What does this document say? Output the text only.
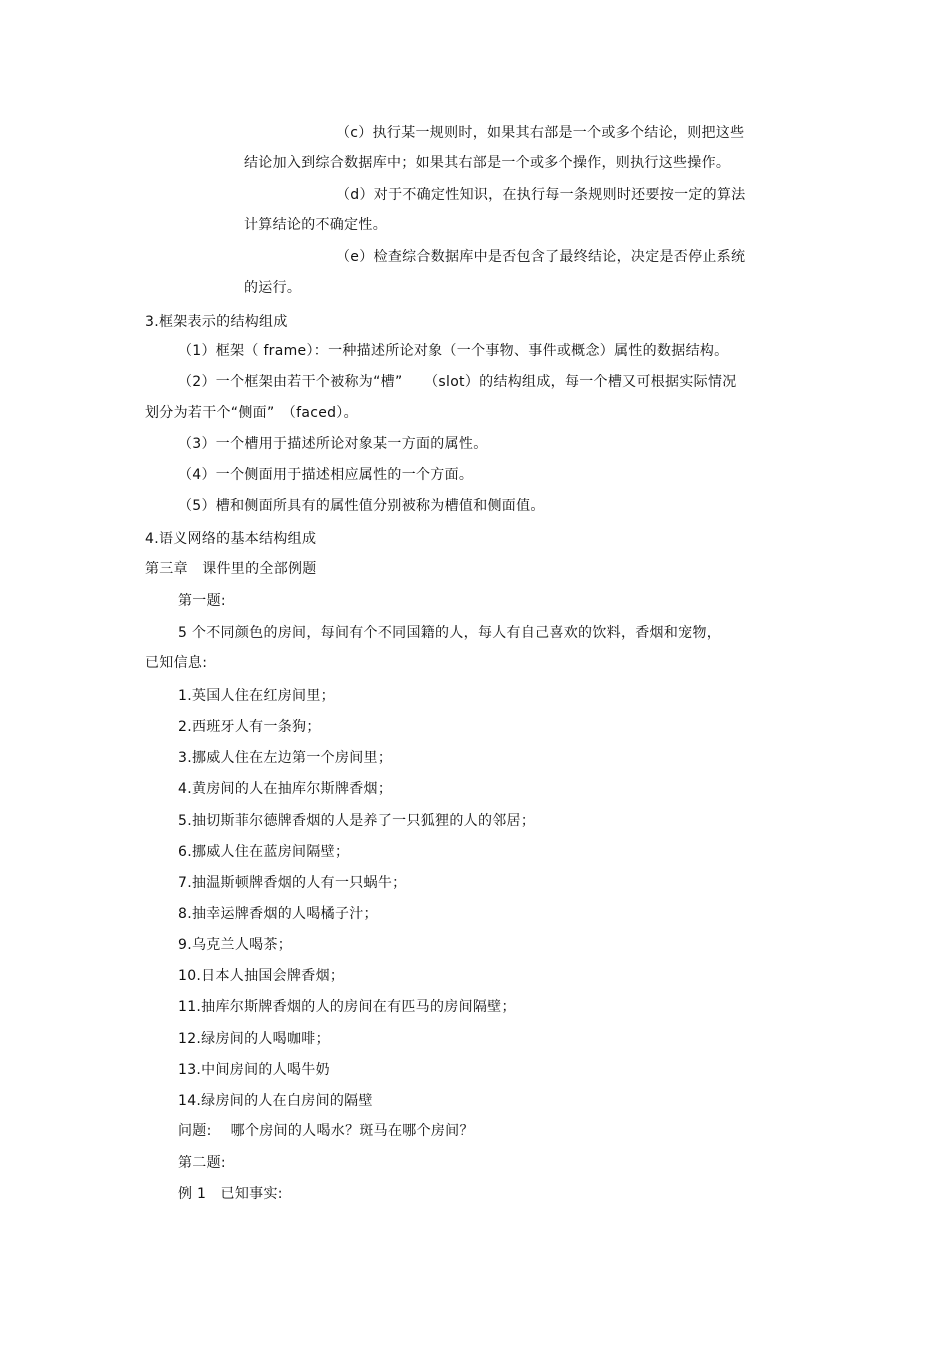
（c）执行某一规则时，如果其右部是一个或多个结论，则把这些
结论加入到综合数据库中；如果其右部是一个或多个操作，则执行这些操作。
（d）对于不确定性知识，在执行每一条规则时还要按一定的算法
计算结论的不确定性。
（e）检查综合数据库中是否包含了最终结论，决定是否停止系统
的运行。
3.框架表示的结构组成
（1）框架（ frame）：一种描述所论对象（一个事物、事件或概念）属性的数据结构。
（2）一个框架由若干个被称为“槽”　　（slot）的结构组成，每一个槽又可根据实际情况
划分为若干个“侧面”　（faced）。
（3）一个槽用于描述所论对象某一方面的属性。
（4）一个侧面用于描述相应属性的一个方面。
（5）槽和侧面所具有的属性值分别被称为槽值和侧面值。
4.语义网络的基本结构组成
第三章　课件里的全部例题
第一题:
5 个不同颜色的房间，每间有个不同国籍的人，每人有自己喜欢的饮料，香烟和宠物，
已知信息:
1.英国人住在红房间里；
2.西班牙人有一条狗；
3.挪威人住在左边第一个房间里；
4.黄房间的人在抽库尔斯牌香烟；
5.抽切斯菲尔德牌香烟的人是养了一只狐狸的人的邻居；
6.挪威人住在蓝房间隔壁；
7.抽温斯顿牌香烟的人有一只蜗牛；
8.抽幸运牌香烟的人喝橘子汁；
9.乌克兰人喝茶；
10.日本人抽国会牌香烟；
11.抽库尔斯牌香烟的人的房间在有匹马的房间隔壁；
12.绿房间的人喝咖啡；
13.中间房间的人喝牛奶
14.绿房间的人在白房间的隔壁
问题:　 哪个房间的人喝水？斑马在哪个房间？
第二题:
例 1　已知事实:
